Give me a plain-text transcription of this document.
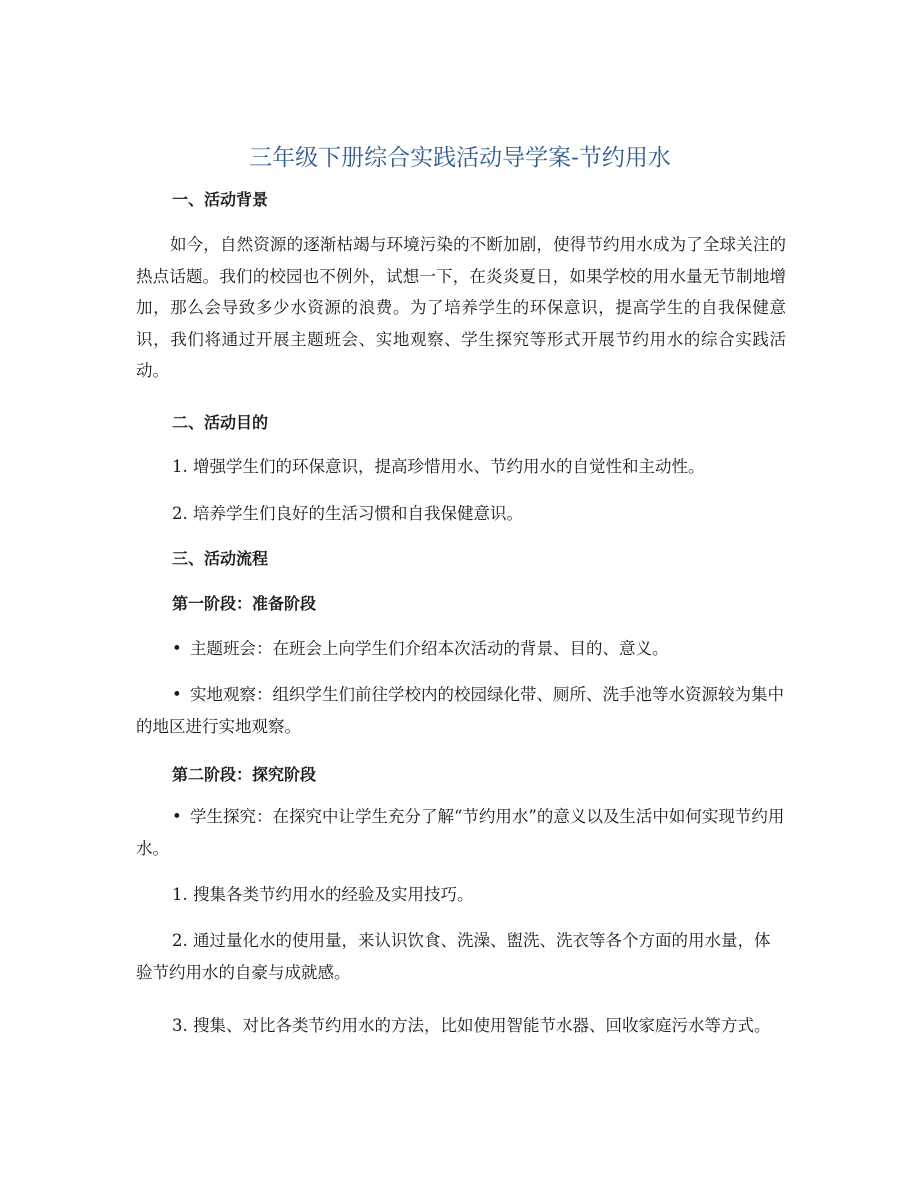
三年级下册综合实践活动导学案-节约用水
一、活动背景
如今，自然资源的逐渐枯竭与环境污染的不断加剧，使得节约用水成为了全球关注的热点话题。我们的校园也不例外，试想一下，在炎炎夏日，如果学校的用水量无节制地增加，那么会导致多少水资源的浪费。为了培养学生的环保意识，提高学生的自我保健意识，我们将通过开展主题班会、实地观察、学生探究等形式开展节约用水的综合实践活动。
二、活动目的
1. 增强学生们的环保意识，提高珍惜用水、节约用水的自觉性和主动性。
2. 培养学生们良好的生活习惯和自我保健意识。
三、活动流程
第一阶段：准备阶段
• 主题班会：在班会上向学生们介绍本次活动的背景、目的、意义。
• 实地观察：组织学生们前往学校内的校园绿化带、厕所、洗手池等水资源较为集中的地区进行实地观察。
第二阶段：探究阶段
• 学生探究：在探究中让学生充分了解“节约用水”的意义以及生活中如何实现节约用水。
1. 搜集各类节约用水的经验及实用技巧。
2. 通过量化水的使用量，来认识饮食、洗澡、盥洗、洗衣等各个方面的用水量，体验节约用水的自豪与成就感。
3. 搜集、对比各类节约用水的方法，比如使用智能节水器、回收家庭污水等方式。
